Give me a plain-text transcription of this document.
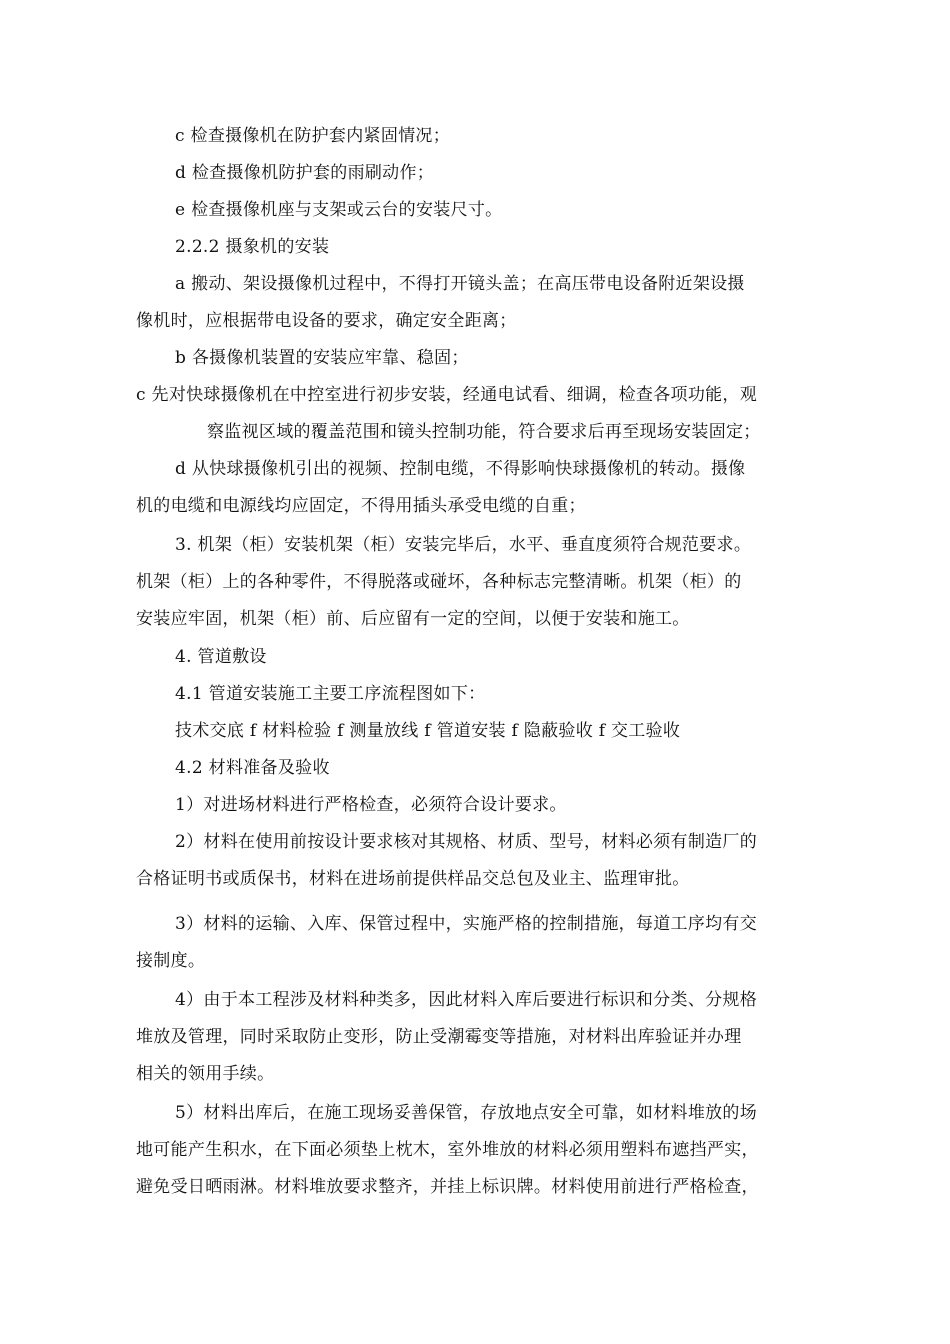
c 检查摄像机在防护套内紧固情况；
d 检查摄像机防护套的雨刷动作；
e 检查摄像机座与支架或云台的安装尺寸。
2.2.2 摄象机的安装
a 搬动、架设摄像机过程中，不得打开镜头盖；在高压带电设备附近架设摄
像机时，应根据带电设备的要求，确定安全距离；
b 各摄像机装置的安装应牢靠、稳固；
c 先对快球摄像机在中控室进行初步安装，经通电试看、细调，检查各项功能，观
察监视区域的覆盖范围和镜头控制功能，符合要求后再至现场安装固定；
d 从快球摄像机引出的视频、控制电缆，不得影响快球摄像机的转动。摄像
机的电缆和电源线均应固定，不得用插头承受电缆的自重；
3. 机架（柜）安装机架（柜）安装完毕后，水平、垂直度须符合规范要求。
机架（柜）上的各种零件，不得脱落或碰坏，各种标志完整清晰。机架（柜）的
安装应牢固，机架（柜）前、后应留有一定的空间，以便于安装和施工。
4. 管道敷设
4.1 管道安装施工主要工序流程图如下：
技术交底 f 材料检验 f 测量放线 f 管道安装 f 隐蔽验收 f 交工验收
4.2 材料准备及验收
1）对进场材料进行严格检查，必须符合设计要求。
2）材料在使用前按设计要求核对其规格、材质、型号，材料必须有制造厂的
合格证明书或质保书，材料在进场前提供样品交总包及业主、监理审批。
3）材料的运输、入库、保管过程中，实施严格的控制措施，每道工序均有交
接制度。
4）由于本工程涉及材料种类多，因此材料入库后要进行标识和分类、分规格
堆放及管理，同时采取防止变形，防止受潮霉变等措施，对材料出库验证并办理
相关的领用手续。
5）材料出库后，在施工现场妥善保管，存放地点安全可靠，如材料堆放的场
地可能产生积水，在下面必须垫上枕木，室外堆放的材料必须用塑料布遮挡严实，
避免受日晒雨淋。材料堆放要求整齐，并挂上标识牌。材料使用前进行严格检查，
